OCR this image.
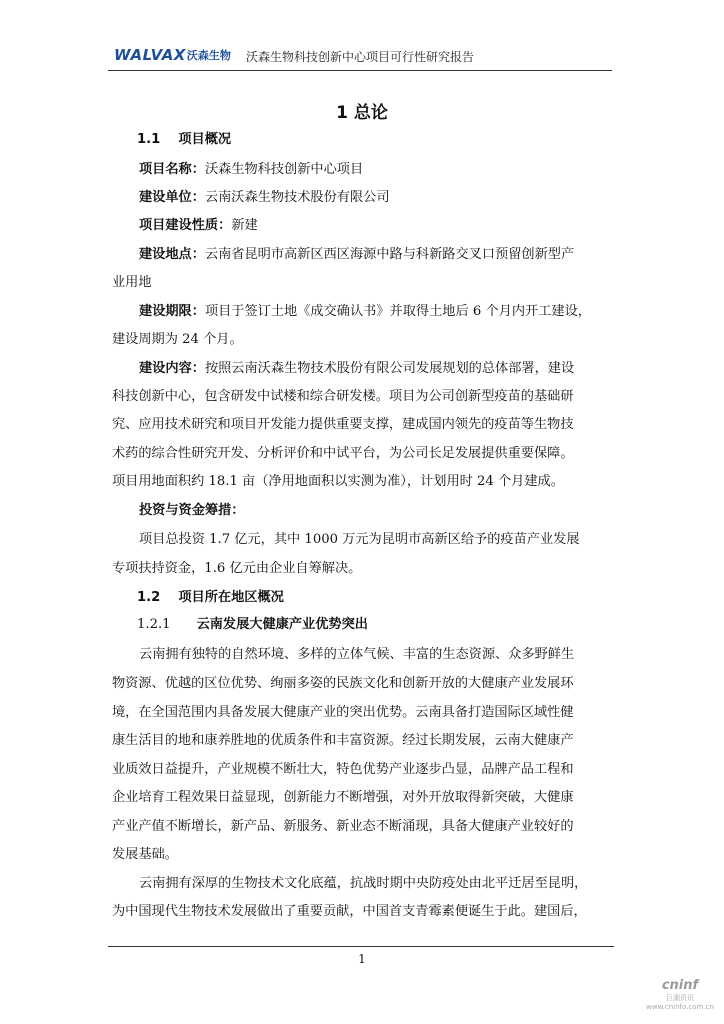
WALVAX 沃森生物 沃森生物科技创新中心项目可行性研究报告
1 总论
1.1 项目概况
项目名称：沃森生物科技创新中心项目
建设单位：云南沃森生物技术股份有限公司
项目建设性质：新建
建设地点：云南省昆明市高新区西区海源中路与科新路交叉口预留创新型产
业用地
建设期限：项目于签订土地《成交确认书》并取得土地后 6 个月内开工建设，
建设周期为 24 个月。
建设内容：按照云南沃森生物技术股份有限公司发展规划的总体部署，建设
科技创新中心，包含研发中试楼和综合研发楼。项目为公司创新型疫苗的基础研
究、应用技术研究和项目开发能力提供重要支撑，建成国内领先的疫苗等生物技
术药的综合性研究开发、分析评价和中试平台，为公司长足发展提供重要保障。
项目用地面积约 18.1 亩（净用地面积以实测为准），计划用时 24 个月建成。
投资与资金筹措：
项目总投资 1.7 亿元，其中 1000 万元为昆明市高新区给予的疫苗产业发展
专项扶持资金，1.6 亿元由企业自筹解决。
1.2 项目所在地区概况
1.2.1 云南发展大健康产业优势突出
云南拥有独特的自然环境、多样的立体气候、丰富的生态资源、众多野鲜生
物资源、优越的区位优势、绚丽多姿的民族文化和创新开放的大健康产业发展环
境，在全国范围内具备发展大健康产业的突出优势。云南具备打造国际区域性健
康生活目的地和康养胜地的优质条件和丰富资源。经过长期发展，云南大健康产
业质效日益提升，产业规模不断壮大，特色优势产业逐步凸显，品牌产品工程和
企业培育工程效果日益显现，创新能力不断增强，对外开放取得新突破，大健康
产业产值不断增长，新产品、新服务、新业态不断涌现，具备大健康产业较好的
发展基础。
云南拥有深厚的生物技术文化底蕴，抗战时期中央防疫处由北平迁居至昆明，
为中国现代生物技术发展做出了重要贡献，中国首支青霉素便诞生于此。建国后，
1
cninf
巨潮资讯
www.cninfo.com.cn
